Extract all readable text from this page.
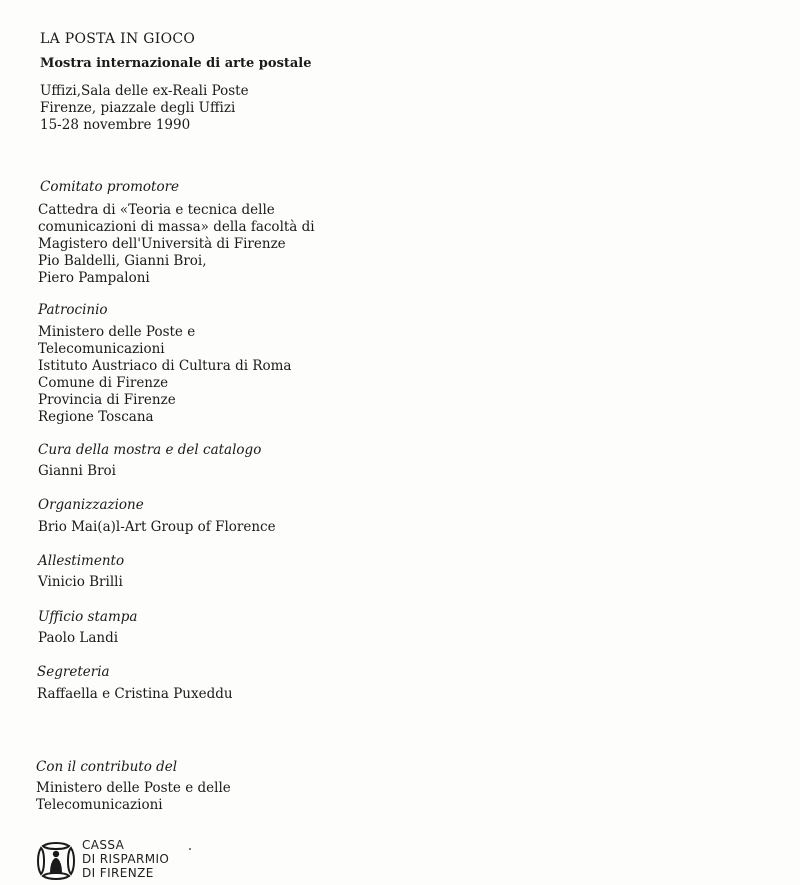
LA POSTA IN GIOCO
Mostra internazionale di arte postale
Uffizi,Sala delle ex-Reali Poste
Firenze, piazzale degli Uffizi
15-28 novembre 1990
Comitato promotore
Cattedra di «Teoria e tecnica delle
comunicazioni di massa» della facoltà di
Magistero dell'Università di Firenze
Pio Baldelli, Gianni Broi,
Piero Pampaloni
Patrocinio
Ministero delle Poste e
Telecomunicazioni
Istituto Austriaco di Cultura di Roma
Comune di Firenze
Provincia di Firenze
Regione Toscana
Cura della mostra e del catalogo
Gianni Broi
Organizzazione
Brio Mai(a)l-Art Group of Florence
Allestimento
Vinicio Brilli
Ufficio stampa
Paolo Landi
Segreteria
Raffaella e Cristina Puxeddu
Con il contributo del
Ministero delle Poste e delle
Telecomunicazioni
CASSA
DI RISPARMIO
DI FIRENZE
